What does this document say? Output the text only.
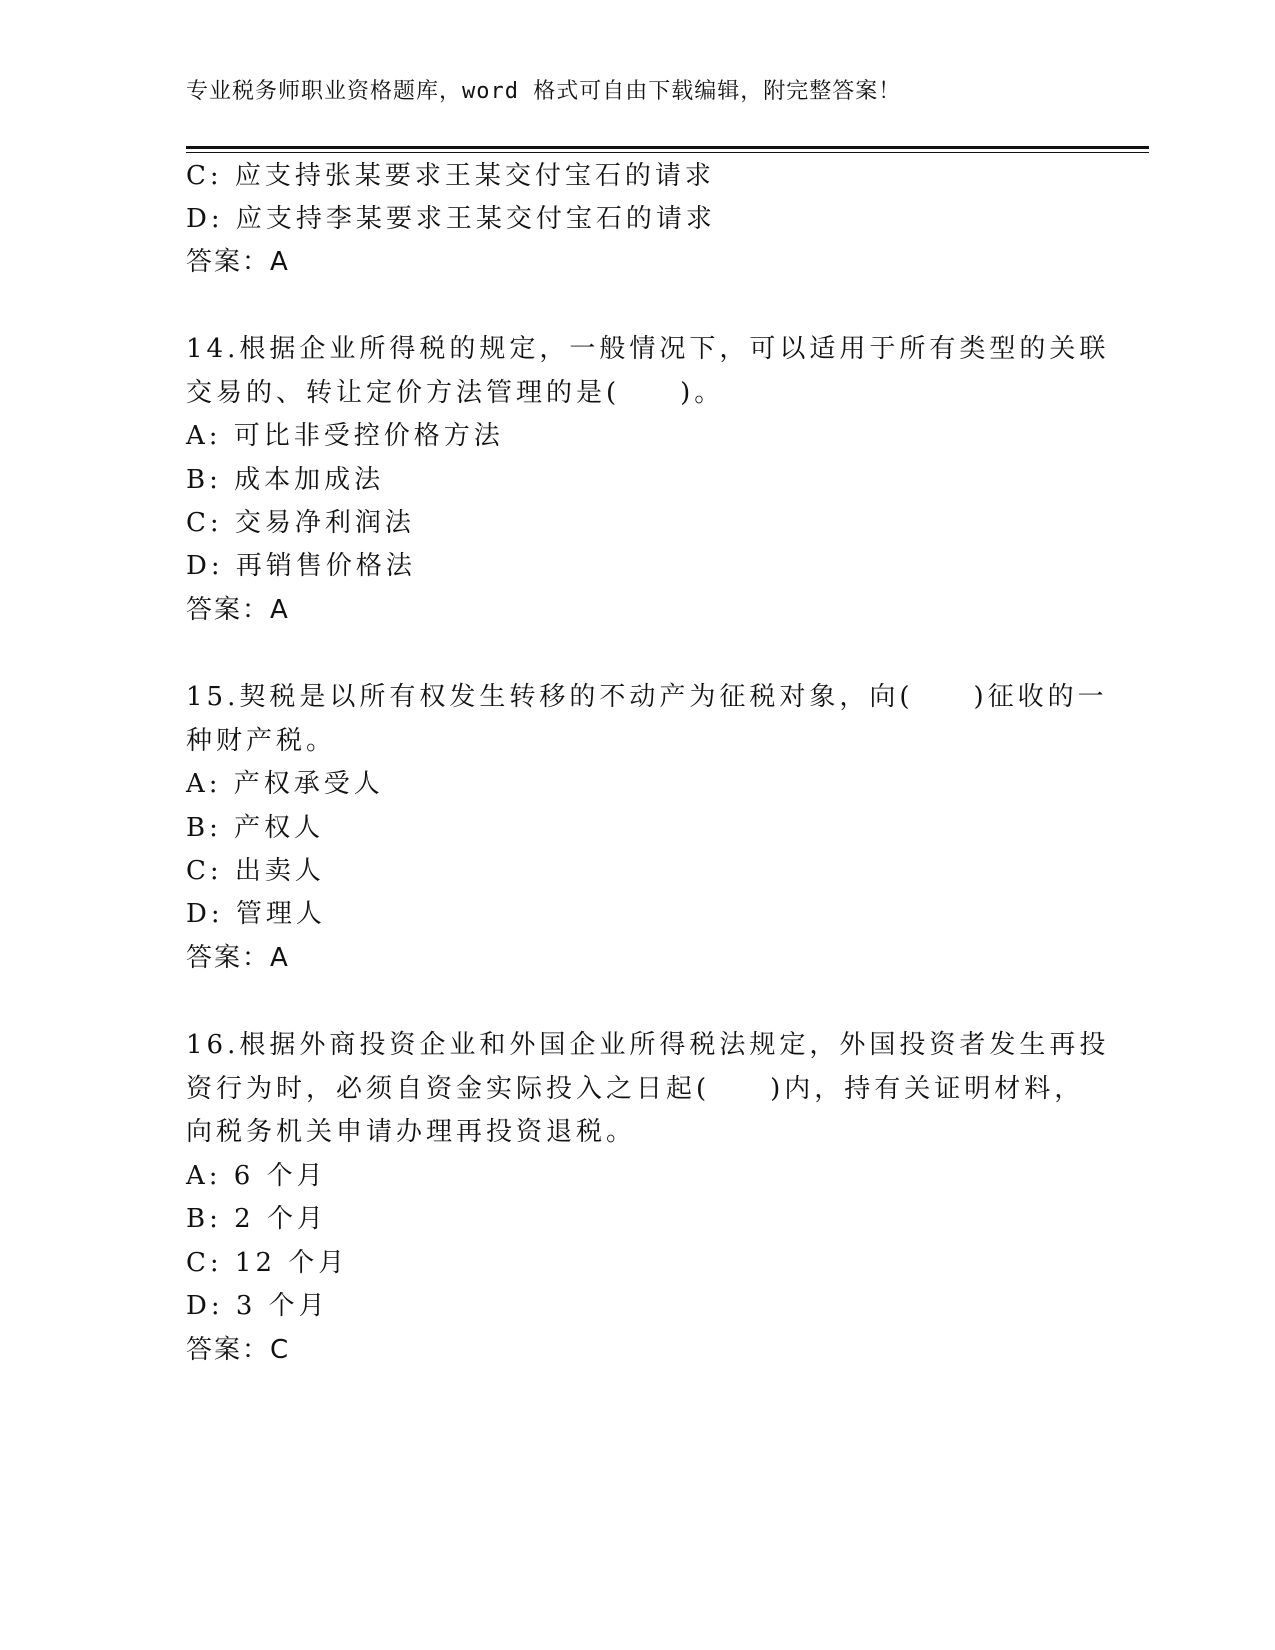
专业税务师职业资格题库，word 格式可自由下载编辑，附完整答案！
C: 应支持张某要求王某交付宝石的请求
D: 应支持李某要求王某交付宝石的请求
答案：A
14.根据企业所得税的规定，一般情况下，可以适用于所有类型的关联
交易的、转让定价方法管理的是(　　)。
A: 可比非受控价格方法
B: 成本加成法
C: 交易净利润法
D: 再销售价格法
答案：A
15.契税是以所有权发生转移的不动产为征税对象，向(　　)征收的一
种财产税。
A: 产权承受人
B: 产权人
C: 出卖人
D: 管理人
答案：A
16.根据外商投资企业和外国企业所得税法规定，外国投资者发生再投
资行为时，必须自资金实际投入之日起(　　)内，持有关证明材料，
向税务机关申请办理再投资退税。
A: 6 个月
B: 2 个月
C: 12 个月
D: 3 个月
答案：C
